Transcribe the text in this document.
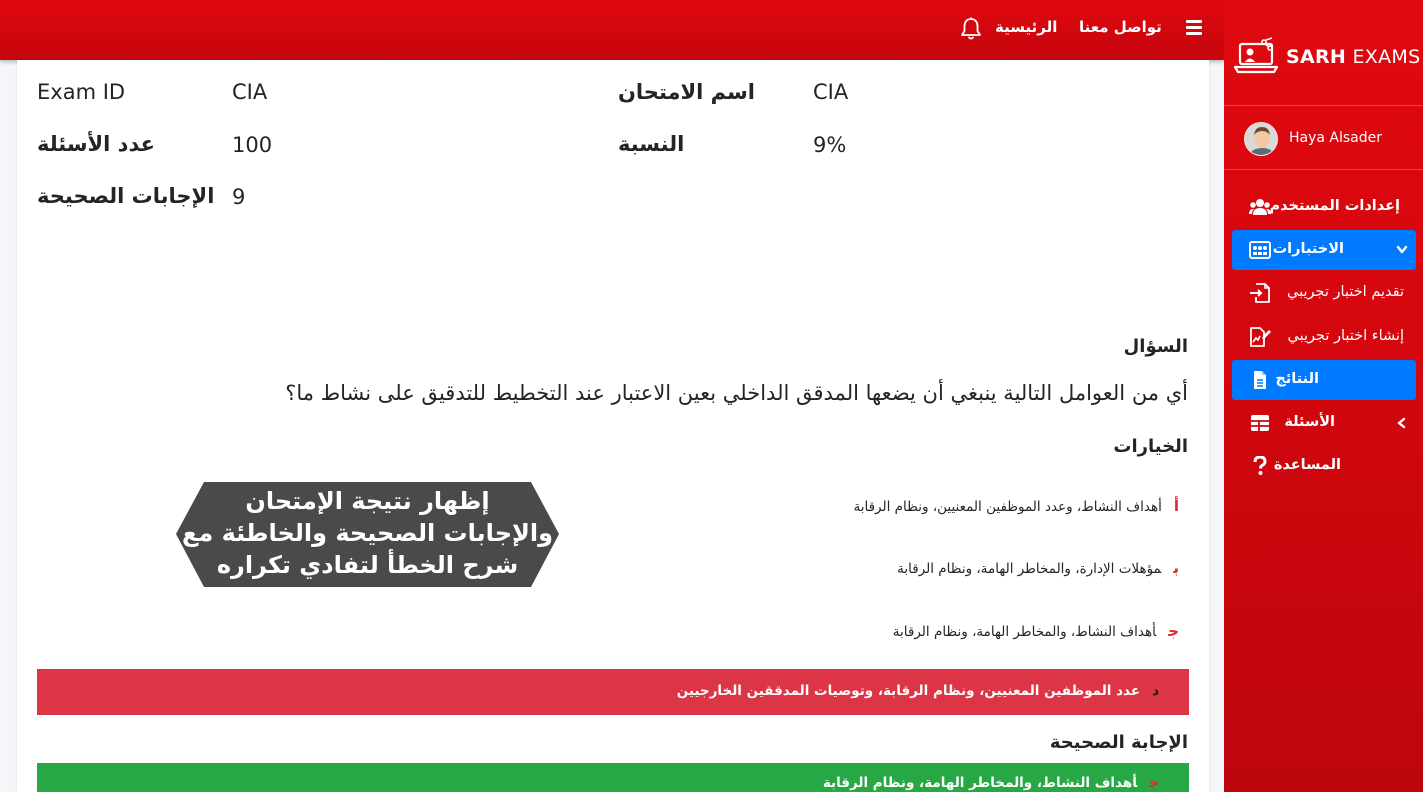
الرئيسية تواصل معنا
Exam ID	CIA	اسم الامتحان	CIA
عدد الأسئلة	100	النسبة	9%
الإجابات الصحيحة 9
السؤال
أي من العوامل التالية ينبغي أن يضعها المدقق الداخلي بعين الاعتبار عند التخطيط للتدقيق على نشاط ما؟
الخيارات
أأهداف النشاط، وعدد الموظفين المعنيين، ونظام الرقابة
بمؤهلات الإدارة، والمخاطر الهامة، ونظام الرقابة
جأهداف النشاط، والمخاطر الهامة، ونظام الرقابة
دعدد الموظفين المعنيين، ونظام الرقابة، وتوصيات المدققين الخارجيين
الإجابة الصحيحة
جأهداف النشاط، والمخاطر الهامة، ونظام الرقابة
إظهار نتيجة الإمتحان
والإجابات الصحيحة والخاطئة مع
شرح الخطأ لتفادي تكراره
SARH EXAMS
Haya Alsader
إعدادات المستخدم
الاختبارات
تقديم اختبار تجريبي
إنشاء اختبار تجريبي
النتائج
الأسئلة
المساعدة
